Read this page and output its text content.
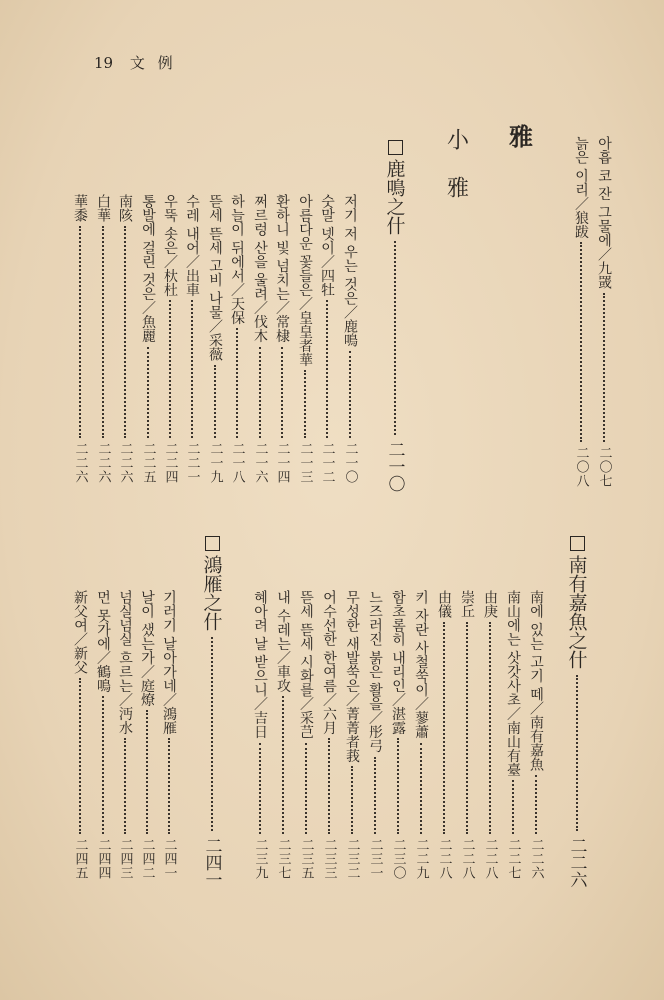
19 文 例
雅
小
雅	아흡 코 잔 그물에／九罭
二〇七
늙은 이리／狼跋
二〇八
鹿鳴之什
二一〇
저기 저 우는 것은／鹿鳴
二一〇
숫말 넷이／四牡
二一二
아름다운 꽃들은／皇皇者華
二一三
환하니 빛 넘치는／常棣
二一四
쩌르렁 산을 울려／伐木
二一六
하늘이 뒤에서／天保
二一八
뜯세 뜯세 고비 나물／采薇
二一九
수레 내어／出車
二二一
우뚝 솟은／杕杜
二二四
통발에 걸린 것은／魚麗
二二五
南陔
二二六
白華
二二六
華黍
二二六
南有嘉魚之什
二二六
南에 있는 고기 떼／南有嘉魚
二二六
南山에는 삿갓사초／南山有臺
二二七
由庚
二二八
崇丘
二二八
由儀
二二八
키 자란 사철쑥이／蓼蕭
二二九
함초롬히 내리인／湛露
二三〇
느즈러진 붉은 활을／彤弓
二三一
무성한 새발쑥은／菁菁者莪
二三二
어수선한 한여름／六月
二三三
뜯세 뜯세 시화를／采芑
二三五
내 수레는／車攻
二三七
혜아려 날 받으니／吉日
二三九
鴻雁之什
二四一
기러기 날아가네／鴻雁
二四一
날이 샜는가／庭燎
二四二
넘실넘실 흐르는／沔水
二四三
먼 못가에／鶴鳴
二四四
新父여／新父
二四五
